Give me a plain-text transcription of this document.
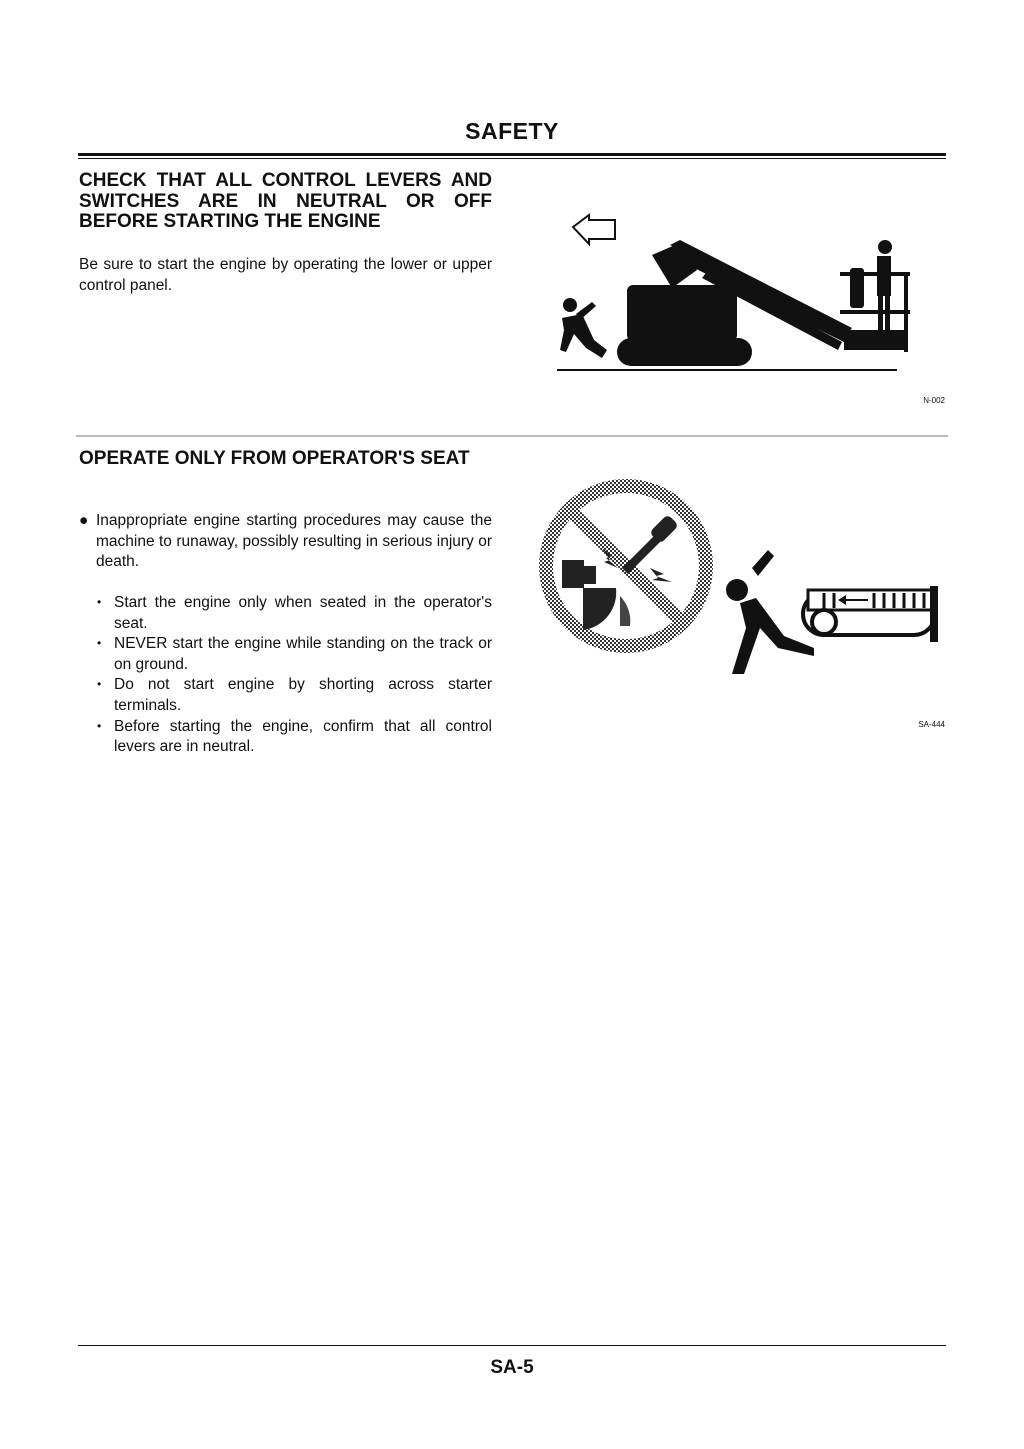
SAFETY
CHECK THAT ALL CONTROL LEVERS AND SWITCHES ARE IN NEUTRAL OR OFF BEFORE STARTING THE ENGINE
Be sure to start the engine by operating the lower or upper control panel.
N-002
OPERATE ONLY FROM OPERATOR'S SEAT
● Inappropriate engine starting procedures may cause the machine to runaway, possibly resulting in serious injury or death.
• Start the engine only when seated in the operator's seat.
• NEVER start the engine while standing on the track or on ground.
• Do not start engine by shorting across starter terminals.
• Before starting the engine, confirm that all control levers are in neutral.
SA-444
SA-5
